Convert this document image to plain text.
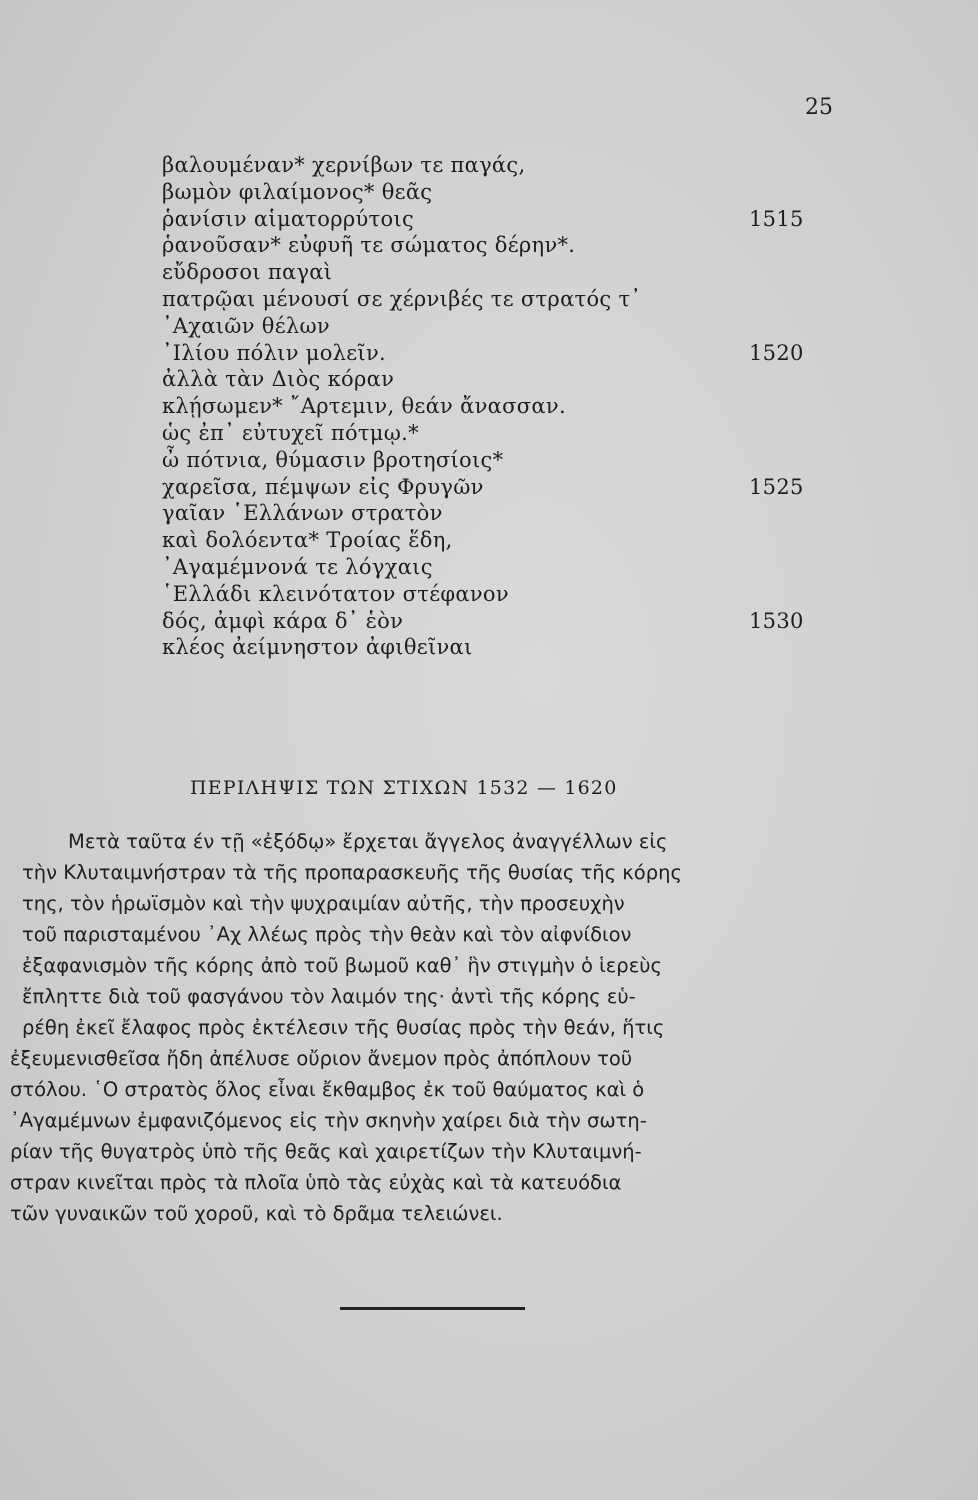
25
βαλουμέναν* χερνίβων τε παγάς,
βωμὸν φιλαίμονος* θεᾶς
ῥανίσιν αἱματορρύτοις	1515
ῥανοῦσαν* εὐφυῆ τε σώματος δέρην*.
εὔδροσοι παγαὶ
πατρῷαι μένουσί σε χέρνιβές τε στρατός τ᾽
᾽Αχαιῶν θέλων
᾽Ιλίου πόλιν μολεῖν.	1520
ἀλλὰ τὰν Διὸς κόραν
κλῄσωμεν* ῎Αρτεμιν, θεάν ἄνασσαν.
ὡς ἐπ᾽ εὐτυχεῖ πότμῳ.*
ὦ πότνια, θύμασιν βροτησίοις*
χαρεῖσα, πέμψων εἰς Φρυγῶν	1525
γαῖαν ῾Ελλάνων στρατὸν
καὶ δολόεντα* Τροίας ἕδη,
᾽Αγαμέμνονά τε λόγχαις
῾Ελλάδι κλεινότατον στέφανον
δός, ἀμφὶ κάρα δ᾽ ἑὸν	1530
κλέος ἀείμνηστον ἀφιθεῖναι
ΠΕΡΙΛΗΨΙΣ ΤΩΝ ΣΤΙΧΩΝ 1532 — 1620
Μετὰ ταῦτα έν τῇ «ἐξόδῳ» ἔρχεται ἄγγελος ἀναγγέλλων εἰς
τὴν Κλυταιμνήστραν τὰ τῆς προπαρασκευῆς τῆς θυσίας τῆς κόρης
της, τὸν ἡρωϊσμὸν καὶ τὴν ψυχραιμίαν αὐτῆς, τὴν προσευχὴν
τοῦ παρισταμένου ᾽Αχ λλέως πρὸς τὴν θεὰν καὶ τὸν αἰφνίδιον
ἐξαφανισμὸν τῆς κόρης ἀπὸ τοῦ βωμοῦ καθ᾽ ἣν στιγμὴν ὁ ἱερεὺς
ἔπληττε διὰ τοῦ φασγάνου τὸν λαιμόν της· ἀντὶ τῆς κόρης εὑ-
ρέθη ἐκεῖ ἔλαφος πρὸς ἐκτέλεσιν τῆς θυσίας πρὸς τὴν θεάν, ἥτις
ἐξευμενισθεῖσα ἤδη ἀπέλυσε οὔριον ἄνεμον πρὸς ἀπόπλουν τοῦ
στόλου. ῾Ο στρατὸς ὅλος εἶναι ἔκθαμβος ἐκ τοῦ θαύματος καὶ ὁ
᾽Αγαμέμνων ἐμφανιζόμενος εἰς τὴν σκηνὴν χαίρει διὰ τὴν σωτη-
ρίαν τῆς θυγατρὸς ὑπὸ τῆς θεᾶς καὶ χαιρετίζων τὴν Κλυταιμνή-
στραν κινεῖται πρὸς τὰ πλοῖα ὑπὸ τὰς εὐχὰς καὶ τὰ κατευόδια
τῶν γυναικῶν τοῦ χοροῦ, καὶ τὸ δρᾶμα τελειώνει.
